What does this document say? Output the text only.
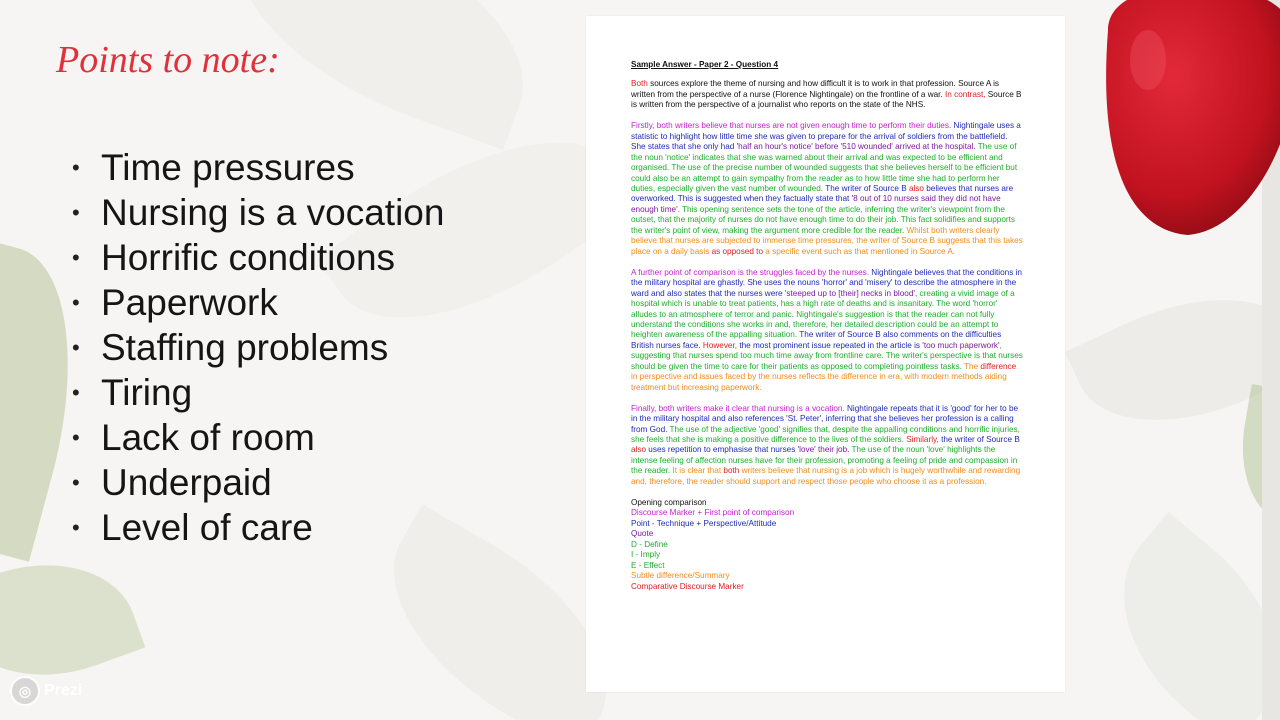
Points to note:
• Time pressures
• Nursing is a vocation
• Horrific conditions
• Paperwork
• Staffing problems
• Tiring
• Lack of room
• Underpaid
• Level of care
Sample Answer - Paper 2 - Question 4

Both sources explore the theme of nursing and how difficult it is to work in that profession. Source A is written from the perspective of a nurse (Florence Nightingale) on the frontline of a war. In contrast, Source B is written from the perspective of a journalist who reports on the state of the NHS.

Firstly, both writers believe that nurses are not given enough time to perform their duties. Nightingale uses a statistic to highlight how little time she was given to prepare for the arrival of soldiers from the battlefield. She states that she only had 'half an hour's notice' before '510 wounded' arrived at the hospital. The use of the noun 'notice' indicates that she was warned about their arrival and was expected to be efficient and organised. The use of the precise number of wounded suggests that she believes herself to be efficient but could also be an attempt to gain sympathy from the reader as to how little time she had to perform her duties, especially given the vast number of wounded. The writer of Source B also believes that nurses are overworked. This is suggested when they factually state that '8 out of 10 nurses said they did not have enough time'. This opening sentence sets the tone of the article, inferring the writer's viewpoint from the outset, that the majority of nurses do not have enough time to do their job. This fact solidifies and supports the writer's point of view, making the argument more credible for the reader. Whilst both writers clearly believe that nurses are subjected to immense time pressures, the writer of Source B suggests that this takes place on a daily basis as opposed to a specific event such as that mentioned in Source A.

A further point of comparison is the struggles faced by the nurses. Nightingale believes that the conditions in the military hospital are ghastly. She uses the nouns 'horror' and 'misery' to describe the atmosphere in the ward and also states that the nurses were 'steeped up to [their] necks in blood', creating a vivid image of a hospital which is unable to treat patients, has a high rate of deaths and is insanitary. The word 'horror' alludes to an atmosphere of terror and panic. Nightingale's suggestion is that the reader can not fully understand the conditions she works in and, therefore, her detailed description could be an attempt to heighten awareness of the appalling situation. The writer of Source B also comments on the difficulties British nurses face. However, the most prominent issue repeated in the article is 'too much paperwork', suggesting that nurses spend too much time away from frontline care. The writer's perspective is that nurses should be given the time to care for their patients as opposed to completing pointless tasks. The difference in perspective and issues faced by the nurses reflects the difference in era, with modern methods aiding treatment but increasing paperwork.

Finally, both writers make it clear that nursing is a vocation. Nightingale repeats that it is 'good' for her to be in the military hospital and also references 'St. Peter', inferring that she believes her profession is a calling from God. The use of the adjective 'good' signifies that, despite the appalling conditions and horrific injuries, she feels that she is making a positive difference to the lives of the soldiers. Similarly, the writer of Source B also uses repetition to emphasise that nurses 'love' their job. The use of the noun 'love' highlights the intense feeling of affection nurses have for their profession, promoting a feeling of pride and compassion in the reader. It is clear that both writers believe that nursing is a job which is hugely worthwhile and rewarding and, therefore, the reader should support and respect those people who choose it as a profession.

Opening comparison
Discourse Marker + First point of comparison
Point - Technique + Perspective/Attitude
Quote
D - Define
I - Imply
E - Effect
Subtle difference/Summary
Comparative Discourse Marker
◎ Prezi
